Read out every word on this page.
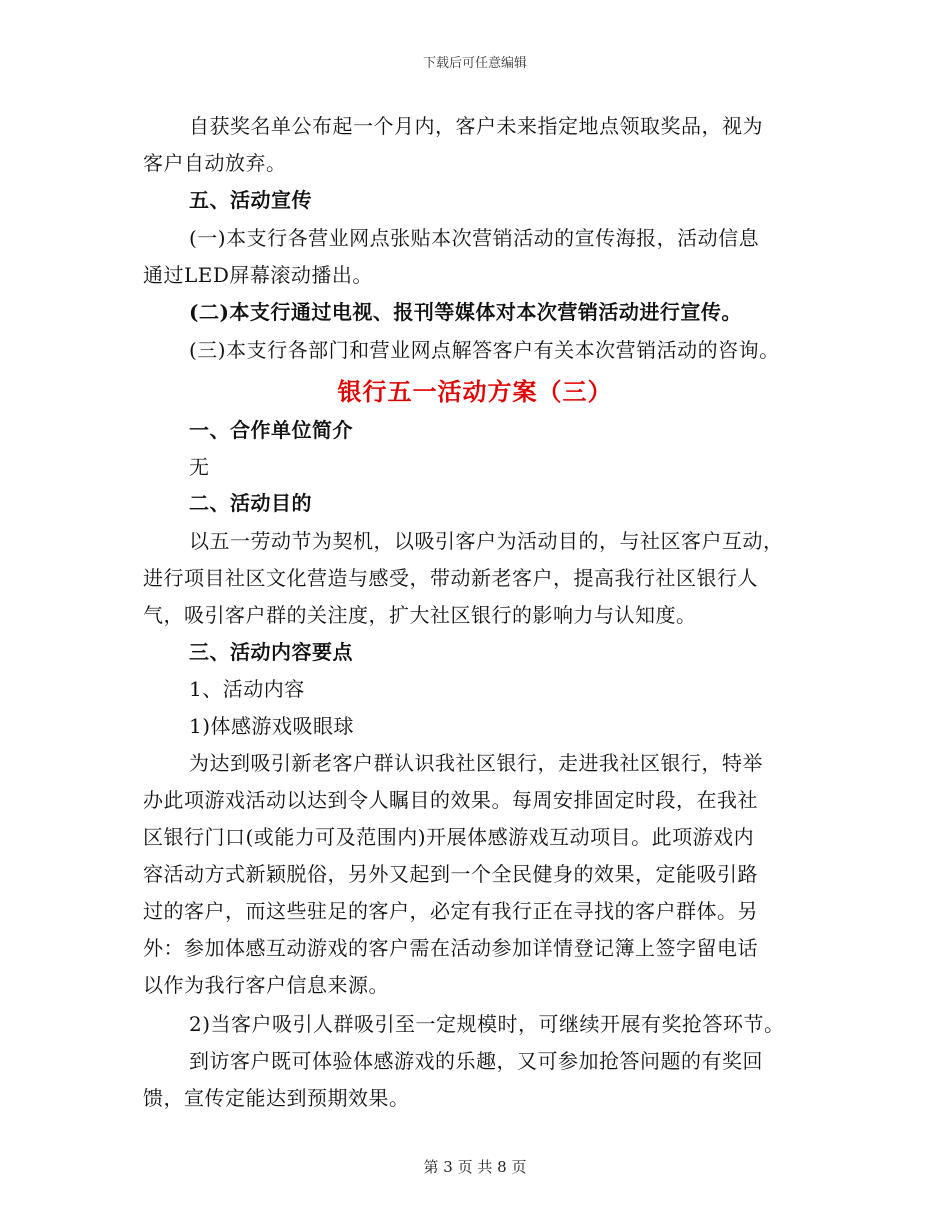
下载后可任意编辑
自获奖名单公布起一个月内，客户未来指定地点领取奖品，视为
客户自动放弃。
五、活动宣传
(一)本支行各营业网点张贴本次营销活动的宣传海报，活动信息
通过LED屏幕滚动播出。
(二)本支行通过电视、报刊等媒体对本次营销活动进行宣传。
(三)本支行各部门和营业网点解答客户有关本次营销活动的咨询。
银行五一活动方案（三）
一、合作单位简介
无
二、活动目的
以五一劳动节为契机，以吸引客户为活动目的，与社区客户互动，
进行项目社区文化营造与感受，带动新老客户，提高我行社区银行人
气，吸引客户群的关注度，扩大社区银行的影响力与认知度。
三、活动内容要点
1、活动内容
1)体感游戏吸眼球
为达到吸引新老客户群认识我社区银行，走进我社区银行，特举
办此项游戏活动以达到令人瞩目的效果。每周安排固定时段，在我社
区银行门口(或能力可及范围内)开展体感游戏互动项目。此项游戏内
容活动方式新颖脱俗，另外又起到一个全民健身的效果，定能吸引路
过的客户，而这些驻足的客户，必定有我行正在寻找的客户群体。另
外：参加体感互动游戏的客户需在活动参加详情登记簿上签字留电话
以作为我行客户信息来源。
2)当客户吸引人群吸引至一定规模时，可继续开展有奖抢答环节。
到访客户既可体验体感游戏的乐趣，又可参加抢答问题的有奖回
馈，宣传定能达到预期效果。
第 3 页 共 8 页
